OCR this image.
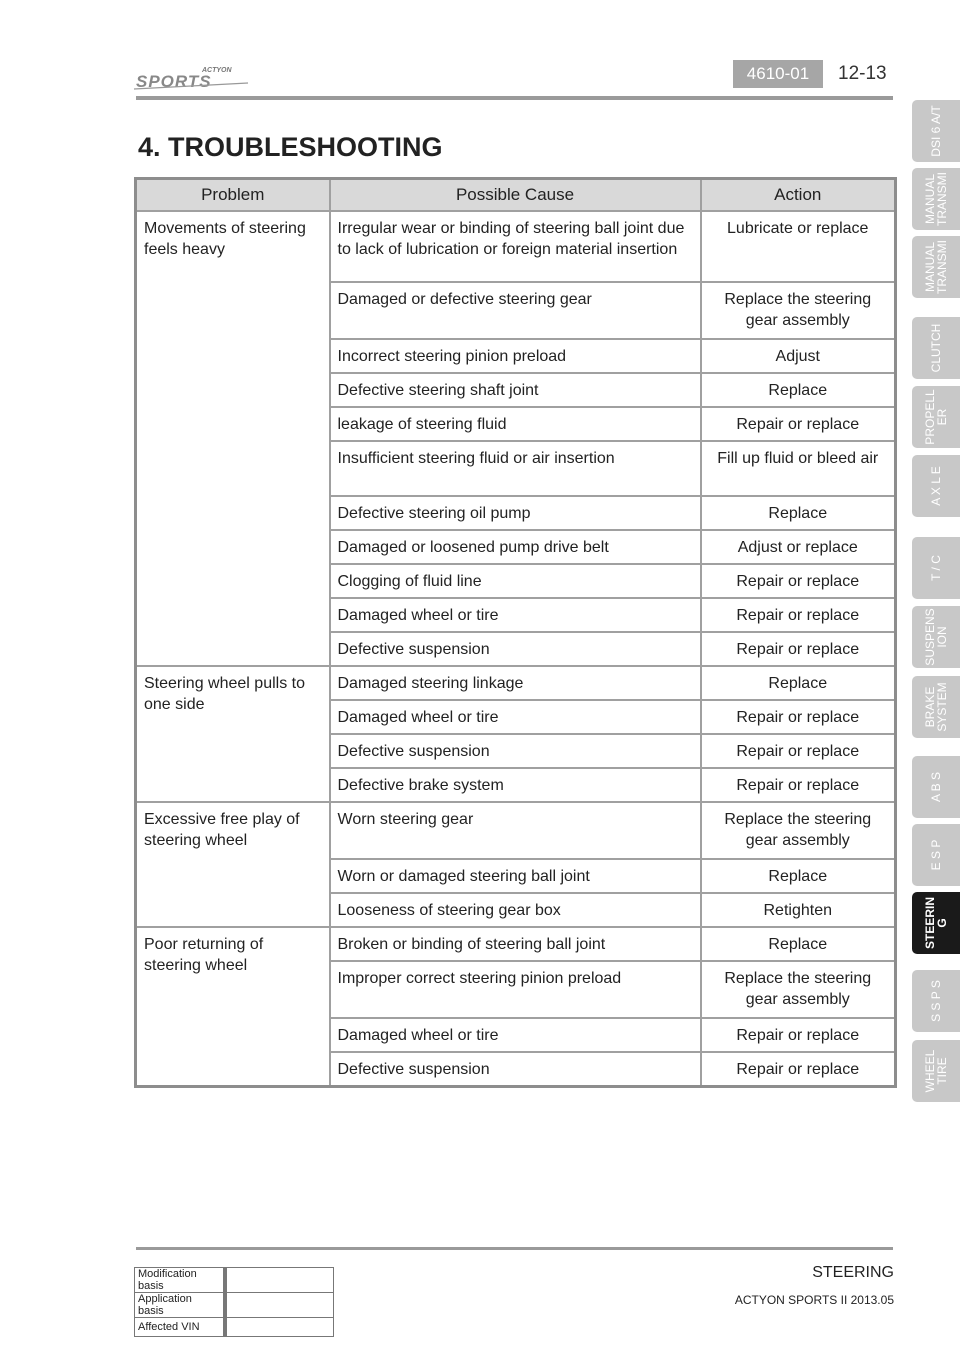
ACTYON
SPORTS	4610-01	12-13
4. TROUBLESHOOTING
Problem	Possible Cause	Action
Movements of steering feels heavy	Irregular wear or binding of steering ball joint due to lack of lubrication or foreign material insertion	Lubricate or replace
	Damaged or defective steering gear	Replace the steering gear assembly
	Incorrect steering pinion preload	Adjust
	Defective steering shaft joint	Replace
	leakage of steering fluid	Repair or replace
	Insufficient steering fluid or air insertion	Fill up fluid or bleed air
	Defective steering oil pump	Replace
	Damaged or loosened pump drive belt	Adjust or replace
	Clogging of fluid line	Repair or replace
	Damaged wheel or tire	Repair or replace
	Defective suspension	Repair or replace
Steering wheel pulls to one side	Damaged steering linkage	Replace
	Damaged wheel or tire	Repair or replace
	Defective suspension	Repair or replace
	Defective brake system	Repair or replace
Excessive free play of steering wheel	Worn steering gear	Replace the steering gear assembly
	Worn or damaged steering ball joint	Replace
	Looseness of steering gear box	Retighten
Poor returning of steering wheel	Broken or binding of steering ball joint	Replace
	Improper correct steering pinion preload	Replace the steering gear assembly
	Damaged wheel or tire	Repair or replace
	Defective suspension	Repair or replace
DSI 6 A/T
MANUAL
TRANSMI
MANUAL
TRANSMI
CLUTCH
PROPELL
ER
A X L E
T / C
SUSPENS
ION
BRAKE
SYSTEM
A B S
E S P
STEERIN
G
S S P S
WHEEL
TIRE
STEERING
ACTYON SPORTS II 2013.05
Modification basis	
Application basis	
Affected VIN	
